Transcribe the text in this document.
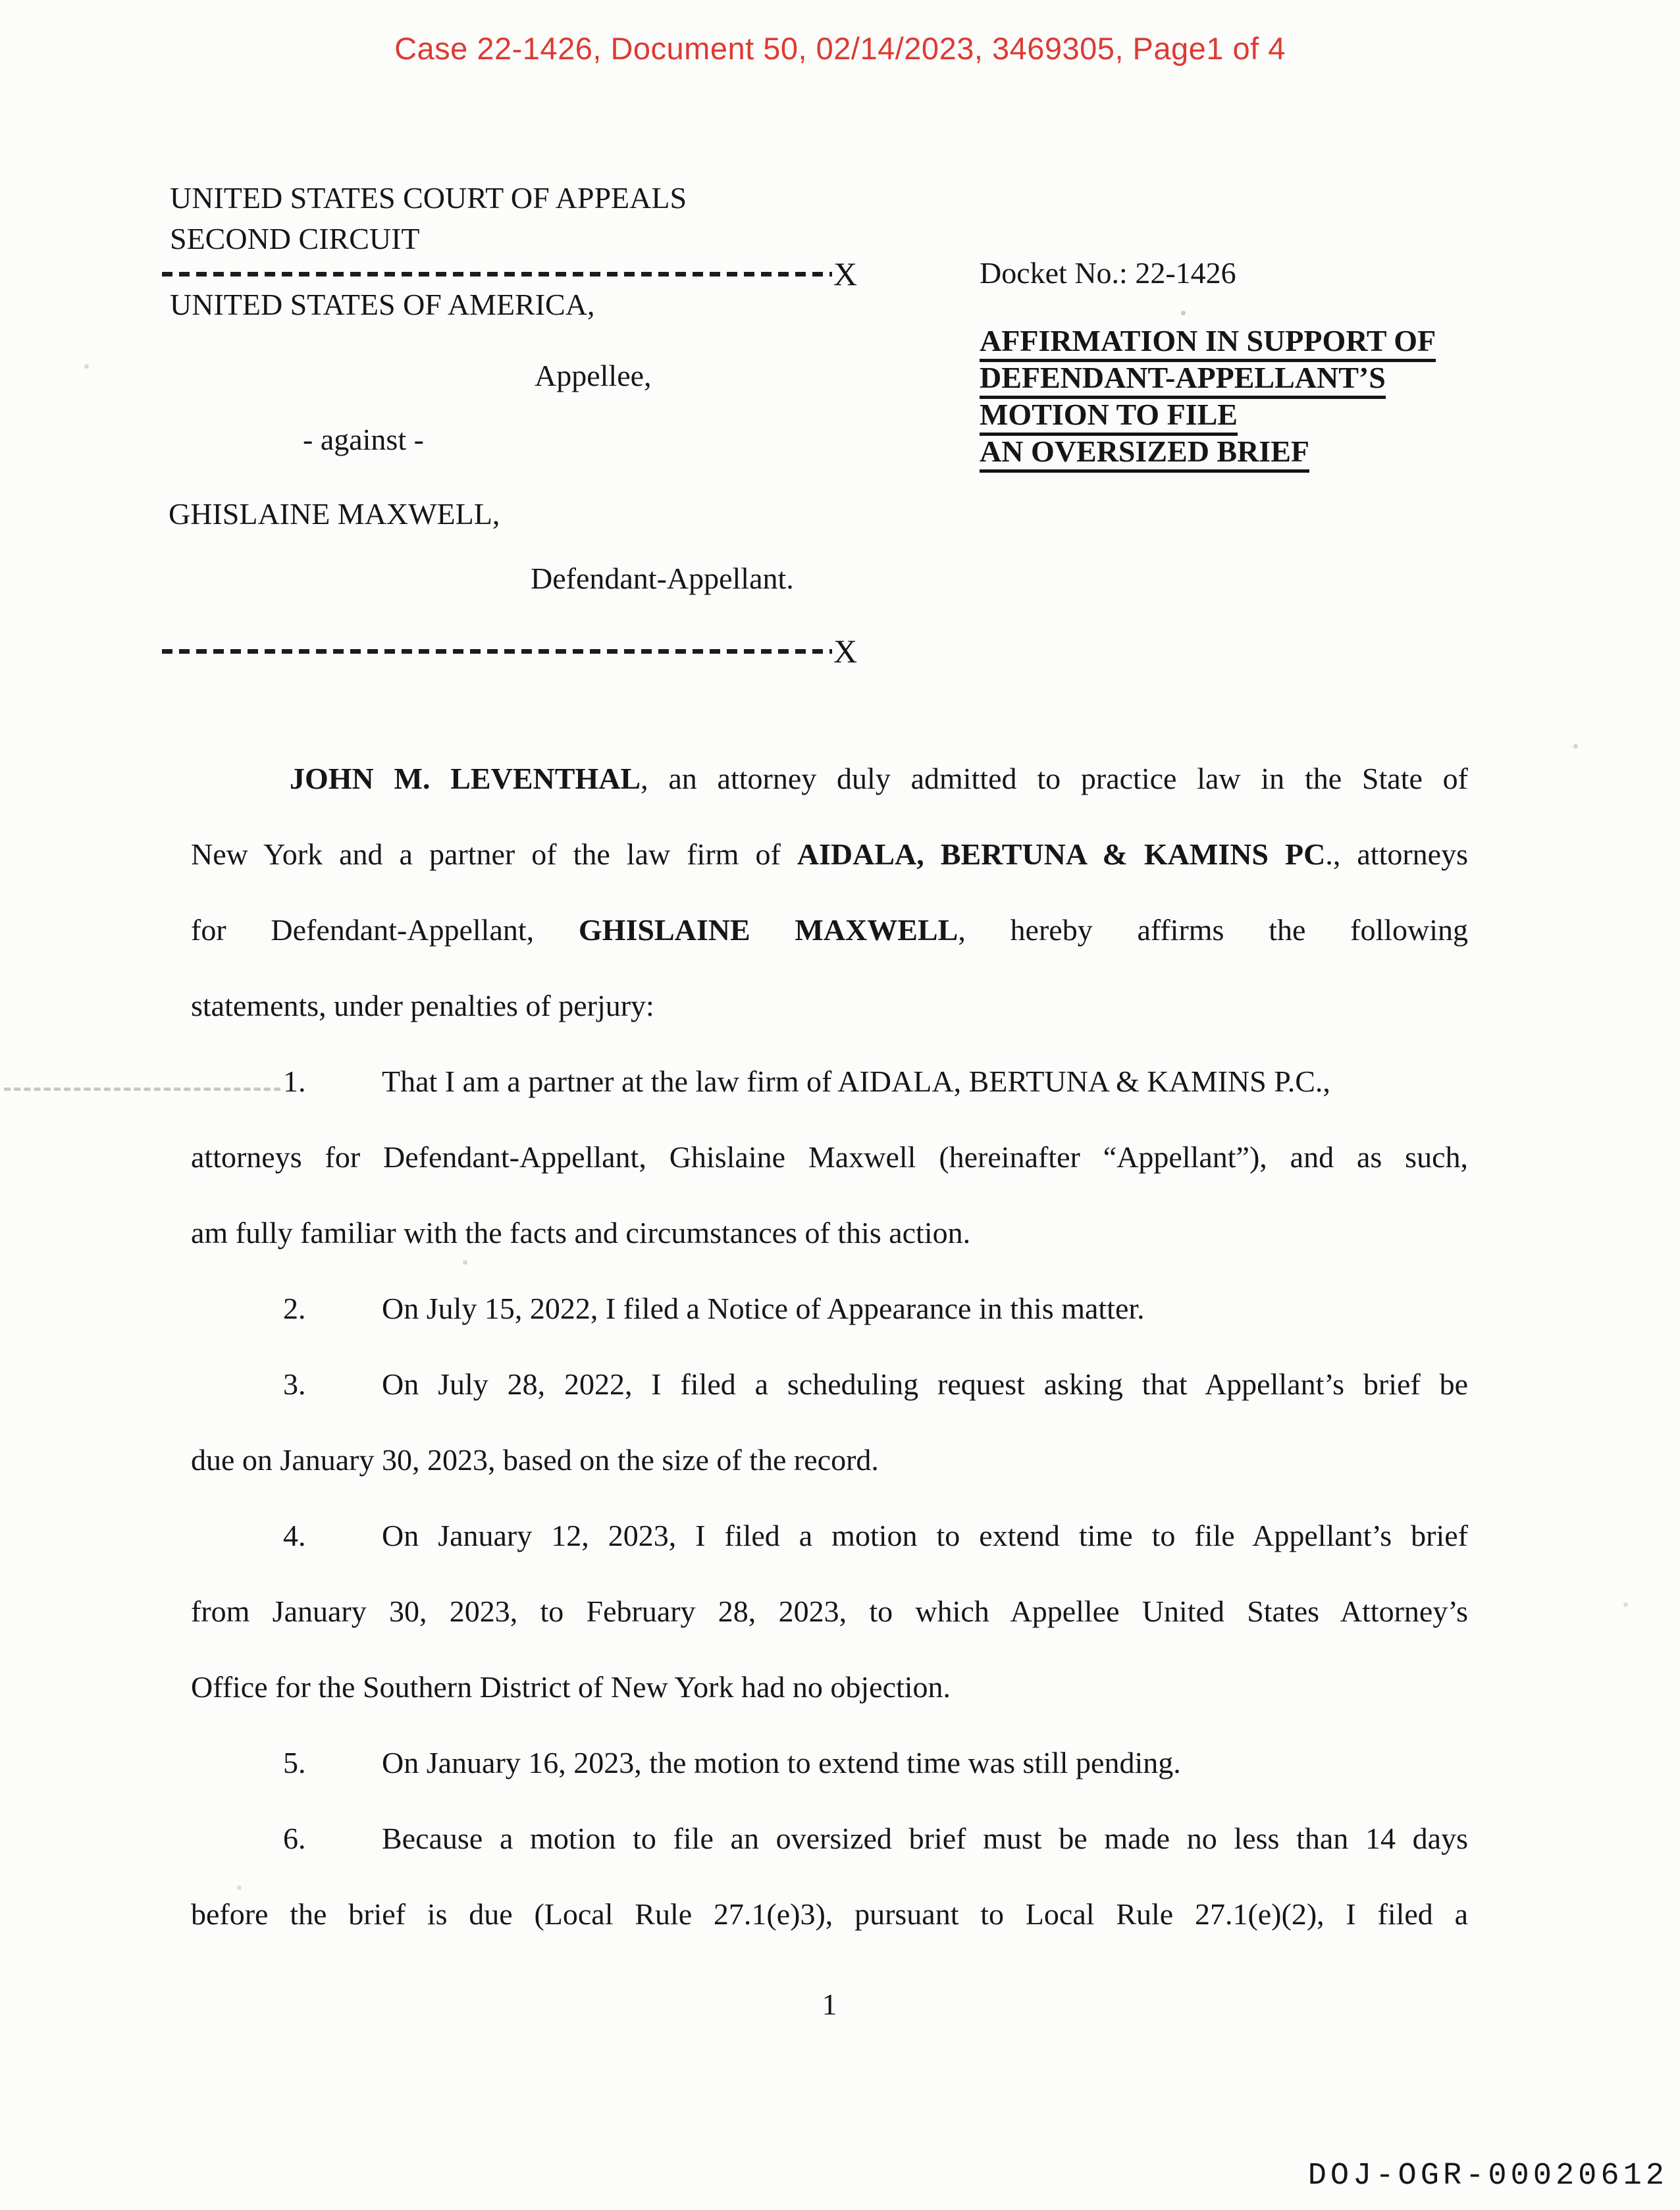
Case 22-1426, Document 50, 02/14/2023, 3469305, Page1 of 4
UNITED STATES COURT OF APPEALS
SECOND CIRCUIT
X
UNITED STATES OF AMERICA,
Appellee,
- against -
GHISLAINE MAXWELL,
Defendant-Appellant.
X
Docket No.: 22-1426
AFFIRMATION IN SUPPORT OF
DEFENDANT-APPELLANT’S
MOTION TO FILE
AN OVERSIZED BRIEF
JOHN M. LEVENTHAL, an attorney duly admitted to practice law in the State of
New York and a partner of the law firm of AIDALA, BERTUNA & KAMINS PC., attorneys
for Defendant-Appellant, GHISLAINE MAXWELL, hereby affirms the following
statements, under penalties of perjury:
1.	That I am a partner at the law firm of AIDALA, BERTUNA & KAMINS P.C.,
attorneys for Defendant-Appellant, Ghislaine Maxwell (hereinafter “Appellant”), and as such,
am fully familiar with the facts and circumstances of this action.
2.	On July 15, 2022, I filed a Notice of Appearance in this matter.
3.	On July 28, 2022, I filed a scheduling request asking that Appellant’s brief be
due on January 30, 2023, based on the size of the record.
4.	On January 12, 2023, I filed a motion to extend time to file Appellant’s brief
from January 30, 2023, to February 28, 2023, to which Appellee United States Attorney’s
Office for the Southern District of New York had no objection.
5.	On January 16, 2023, the motion to extend time was still pending.
6.	Because a motion to file an oversized brief must be made no less than 14 days
before the brief is due (Local Rule 27.1(e)3), pursuant to Local Rule 27.1(e)(2), I filed a
1
DOJ-OGR-00020612
